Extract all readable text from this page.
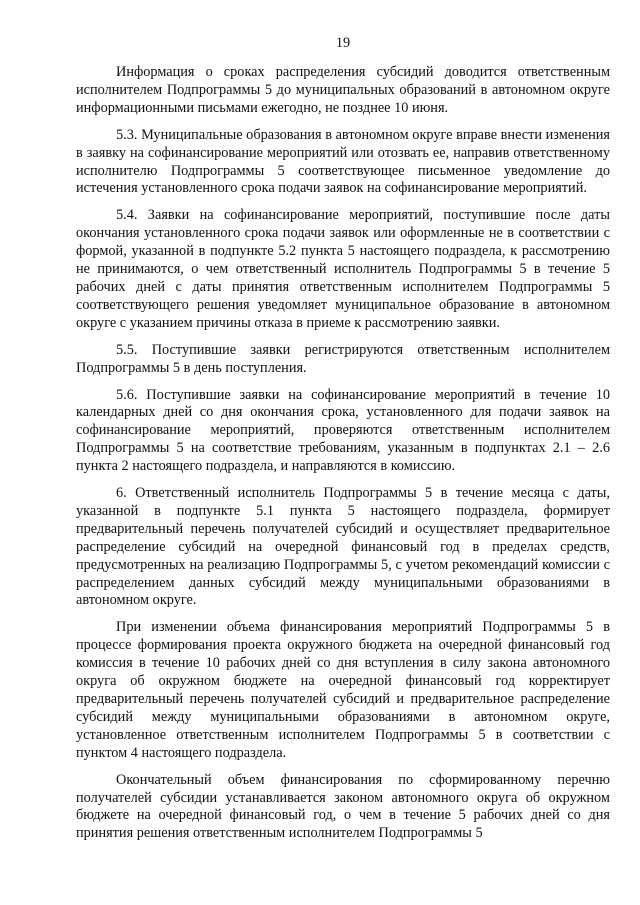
19

Информация о сроках распределения субсидий доводится ответственным исполнителем Подпрограммы 5 до муниципальных образований в автономном округе информационными письмами ежегодно, не позднее 10 июня.

5.3. Муниципальные образования в автономном округе вправе внести изменения в заявку на софинансирование мероприятий или отозвать ее, направив ответственному исполнителю Подпрограммы 5 соответствующее письменное уведомление до истечения установленного срока подачи заявок на софинансирование мероприятий.

5.4. Заявки на софинансирование мероприятий, поступившие после даты окончания установленного срока подачи заявок или оформленные не в соответствии с формой, указанной в подпункте 5.2 пункта 5 настоящего подраздела, к рассмотрению не принимаются, о чем ответственный исполнитель Подпрограммы 5 в течение 5 рабочих дней с даты принятия ответственным исполнителем Подпрограммы 5 соответствующего решения уведомляет муниципальное образование в автономном округе с указанием причины отказа в приеме к рассмотрению заявки.

5.5. Поступившие заявки регистрируются ответственным исполнителем Подпрограммы 5 в день поступления.

5.6. Поступившие заявки на софинансирование мероприятий в течение 10 календарных дней со дня окончания срока, установленного для подачи заявок на софинансирование мероприятий, проверяются ответственным исполнителем Подпрограммы 5 на соответствие требованиям, указанным в подпунктах 2.1 – 2.6 пункта 2 настоящего подраздела, и направляются в комиссию.

6. Ответственный исполнитель Подпрограммы 5 в течение месяца с даты, указанной в подпункте 5.1 пункта 5 настоящего подраздела, формирует предварительный перечень получателей субсидий и осуществляет предварительное распределение субсидий на очередной финансовый год в пределах средств, предусмотренных на реализацию Подпрограммы 5, с учетом рекомендаций комиссии с распределением данных субсидий между муниципальными образованиями в автономном округе.

При изменении объема финансирования мероприятий Подпрограммы 5 в процессе формирования проекта окружного бюджета на очередной финансовый год комиссия в течение 10 рабочих дней со дня вступления в силу закона автономного округа об окружном бюджете на очередной финансовый год корректирует предварительный перечень получателей субсидий и предварительное распределение субсидий между муниципальными образованиями в автономном округе, установленное ответственным исполнителем Подпрограммы 5 в соответствии с пунктом 4 настоящего подраздела.

Окончательный объем финансирования по сформированному перечню получателей субсидии устанавливается законом автономного округа об окружном бюджете на очередной финансовый год, о чем в течение 5 рабочих дней со дня принятия решения ответственным исполнителем Подпрограммы 5
